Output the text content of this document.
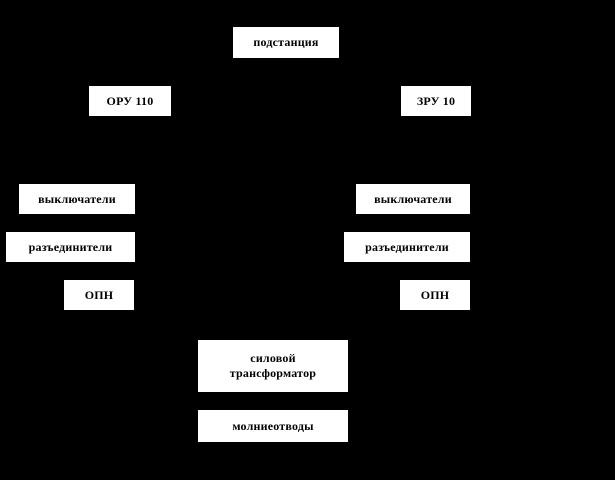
подстанция
ОРУ 110	ЗРУ 10
выключатели	выключатели
разъединители	разъединители
ОПН	ОПН
силовой
трансформатор
молниеотводы
